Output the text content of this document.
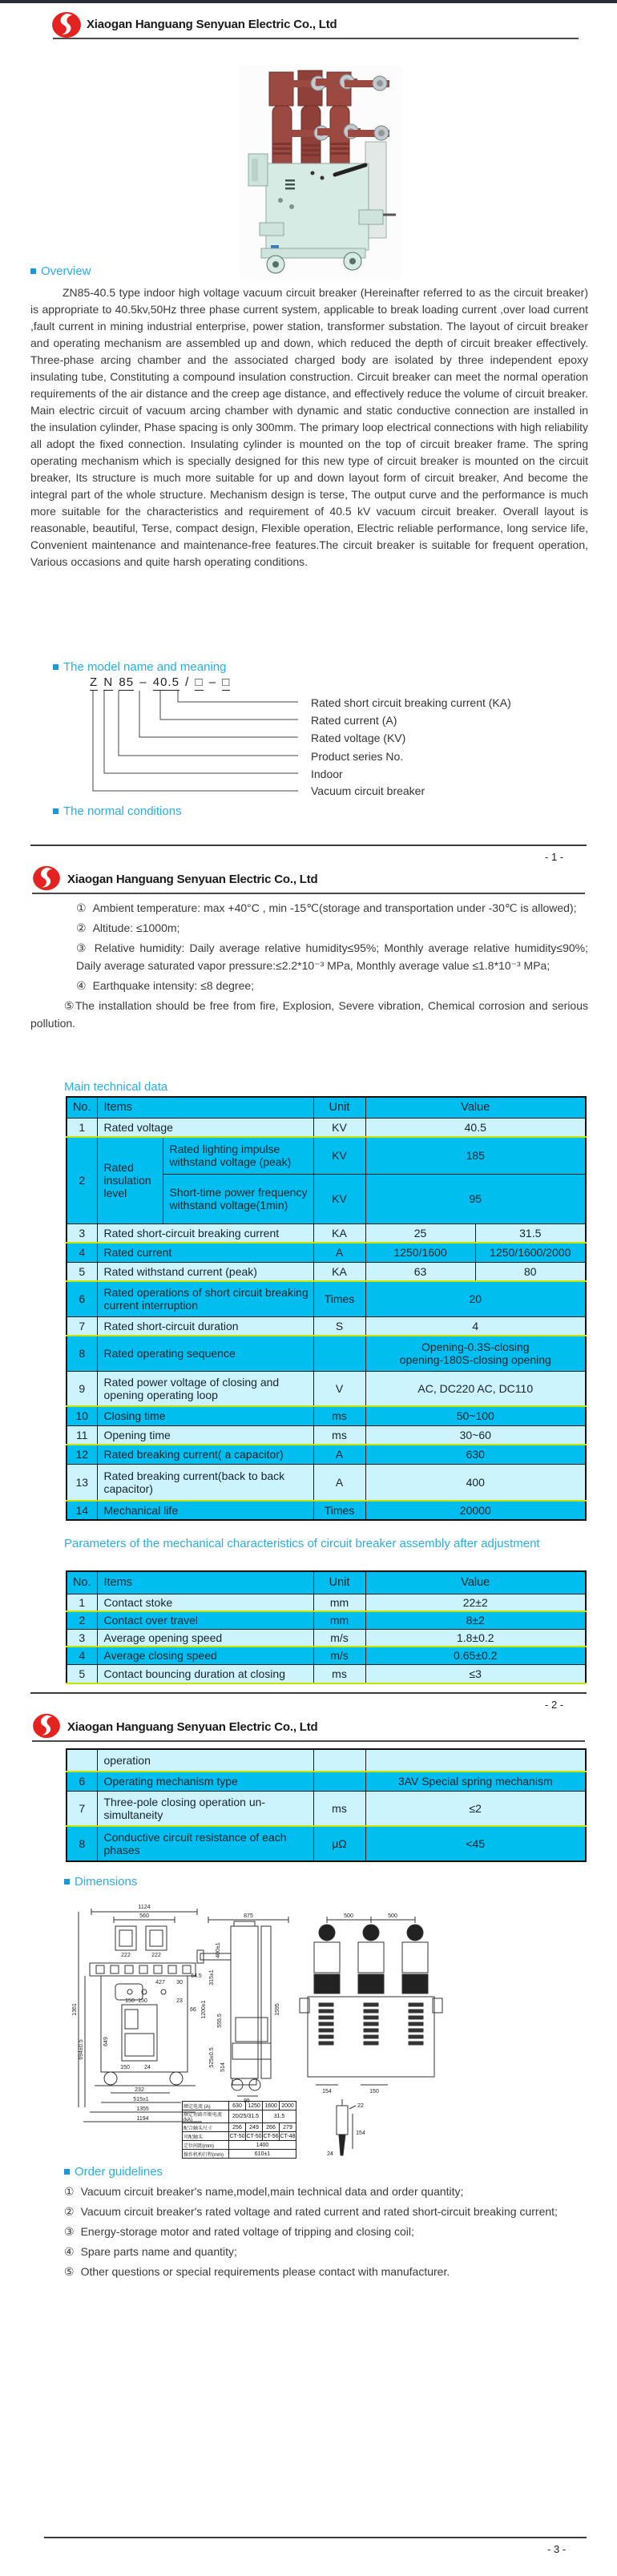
Xiaogan Hanguang Senyuan Electric Co., Ltd
Overview
ZN85-40.5 type indoor high voltage vacuum circuit breaker (Hereinafter referred to as the circuit breaker) is appropriate to 40.5kv,50Hz three phase current system, applicable to break loading current ,over load current ,fault current in mining industrial enterprise, power station, transformer substation. The layout of circuit breaker and operating mechanism are assembled up and down, which reduced the depth of circuit breaker effectively. Three-phase arcing chamber and the associated charged body are isolated by three independent epoxy insulating tube, Constituting a compound insulation construction. Circuit breaker can meet the normal operation requirements of the air distance and the creep age distance, and effectively reduce the volume of circuit breaker. Main electric circuit of vacuum arcing chamber with dynamic and static conductive connection are installed in the insulation cylinder, Phase spacing is only 300mm. The primary loop electrical connections with high reliability all adopt the fixed connection. Insulating cylinder is mounted on the top of circuit breaker frame. The spring operating mechanism which is specially designed for this new type of circuit breaker is mounted on the circuit breaker, Its structure is much more suitable for up and down layout form of circuit breaker, And become the integral part of the whole structure. Mechanism design is terse, The output curve and the performance is much more suitable for the characteristics and requirement of 40.5 kV vacuum circuit breaker. Overall layout is reasonable, beautiful, Terse, compact design, Flexible operation, Electric reliable performance, long service life, Convenient maintenance and maintenance-free features.The circuit breaker is suitable for frequent operation, Various occasions and quite harsh operating conditions.
The model name and meaning
Z N 85 – 40.5 / □ – □
Rated short circuit breaking current (KA)
Rated current (A)
Rated voltage (KV)
Product series No.
Indoor
Vacuum circuit breaker
The normal conditions
- 1 -
Xiaogan Hanguang Senyuan Electric Co., Ltd

① Ambient temperature: max +40°C , min -15℃(storage and transportation under -30℃ is allowed);

② Altitude: ≤1000m;

③ Relative humidity: Daily average relative humidity≤95%; Monthly average relative humidity≤90%; Daily average saturated vapor pressure:≤2.2*10⁻³ MPa, Monthly average value ≤1.8*10⁻³ MPa;

④ Earthquake intensity: ≤8 degree;

⑤The installation should be free from fire, Explosion, Severe vibration, Chemical corrosion and serious pollution.

Main technical data
No.	Items		Unit	Value	
1	Rated voltage		KV	40.5	
2	Rated insulation level	Rated lighting impulse withstand voltage (peak)	KV	185	
		Short-time power frequency withstand voltage(1min)	KV	95	
3	Rated short-circuit breaking current		KA	25	31.5
4	Rated current		A	1250/1600	1250/1600/2000
5	Rated withstand current (peak)		KA	63	80
6	Rated operations of short circuit breaking current interruption		Times	20	
7	Rated short-circuit duration		S	4	
8	Rated operating sequence			Opening-0.3S-closing
opening-180S-closing opening	

9	Rated power voltage of closing and opening operating loop		V	AC, DC220 AC, DC110	
10	Closing time		ms	50~100	
11	Opening time		ms	30~60	
12	Rated breaking current( a capacitor)		A	630	
13	Rated breaking current(back to back capacitor)		A	400	
14	Mechanical life		Times	20000	
Parameters of the mechanical characteristics of circuit breaker assembly after adjustment
No.	Items	Unit	Value
1	Contact stoke	mm	22±2
2	Contact over travel	mm	8±2
3	Average opening speed	m/s	1.8±0.2
4	Average closing speed	m/s	0.65±0.2
5	Contact bouncing duration at closing	ms	≤3
- 2 -
Xiaogan Hanguang Senyuan Electric Co., Ltd
	operation		
6	Operating mechanism type		3AV Special spring mechanism
7	Three-pole closing operation un-simultaneity	ms	≤2
8	Conductive circuit resistance of each phases	μΩ	<45
Dimensions
1124
560
222	222
427 30
64.5
1361
694±0.5	649
150 150	23
66
150	24
232
515±1
1355
1194
875
400±1
315±1
1200±1
555.5
525±0.5 514
95
1595
500	500
154	150
22
154
24
额定电流 (A)	630	1250	1600	2000
额定短路开断电流(kA)	20/25/31.5		31.5	
配合触头尺寸	256	249	266	279
可配触头	CT-50	CT-50	CT-56	CT-48
定位间距(mm)	1400			
操作机构行程(mm)	610±1			
Order guidelines

① Vacuum circuit breaker's name,model,main technical data and order quantity;

② Vacuum circuit breaker's rated voltage and rated current and rated short-circuit breaking current;

③ Energy-storage motor and rated voltage of tripping and closing coil;

④ Spare parts name and quantity;

⑤ Other questions or special requirements please contact with manufacturer.

- 3 -
